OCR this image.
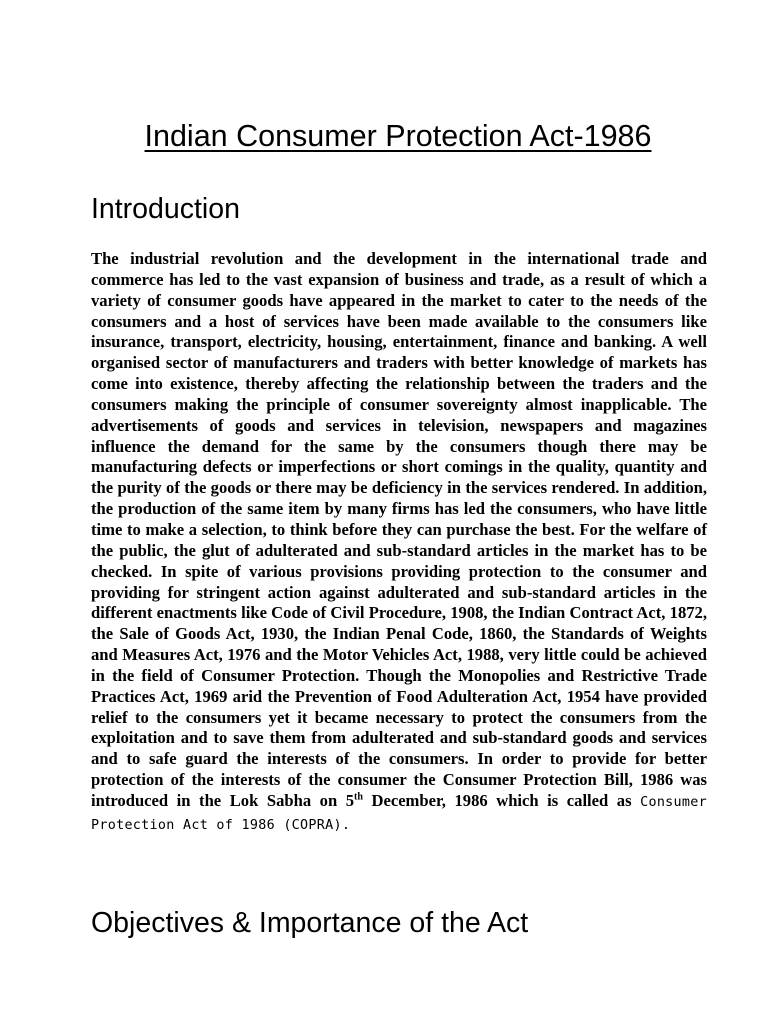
Indian Consumer Protection Act-1986
Introduction

The industrial revolution and the development in the international trade and commerce has led to the vast expansion of business and trade, as a result of which a variety of consumer goods have appeared in the market to cater to the needs of the consumers and a host of services have been made available to the consumers like insurance, transport, electricity, housing, entertainment, finance and banking. A well organised sector of manufacturers and traders with better knowledge of markets has come into existence, thereby affecting the relationship between the traders and the consumers making the principle of consumer sovereignty almost inapplicable. The advertisements of goods and services in television, newspapers and magazines influence the demand for the same by the consumers though there may be manufacturing defects or imperfections or short comings in the quality, quantity and the purity of the goods or there may be deficiency in the services rendered. In addition, the production of the same item by many firms has led the consumers, who have little time to make a selection, to think before they can purchase the best. For the welfare of the public, the glut of adulterated and sub-standard articles in the market has to be checked. In spite of various provisions providing protection to the consumer and providing for stringent action against adulterated and sub-standard articles in the different enactments like Code of Civil Procedure, 1908, the Indian Contract Act, 1872, the Sale of Goods Act, 1930, the Indian Penal Code, 1860, the Standards of Weights and Measures Act, 1976 and the Motor Vehicles Act, 1988, very little could be achieved in the field of Consumer Protection. Though the Monopolies and Restrictive Trade Practices Act, 1969 arid the Prevention of Food Adulteration Act, 1954 have provided relief to the consumers yet it became necessary to protect the consumers from the exploitation and to save them from adulterated and sub-standard goods and services and to safe guard the interests of the consumers. In order to provide for better protection of the interests of the consumer the Consumer Protection Bill, 1986 was introduced in the Lok Sabha on 5th December, 1986 which is called as Consumer Protection Act of 1986 (COPRA).

Objectives & Importance of the Act
